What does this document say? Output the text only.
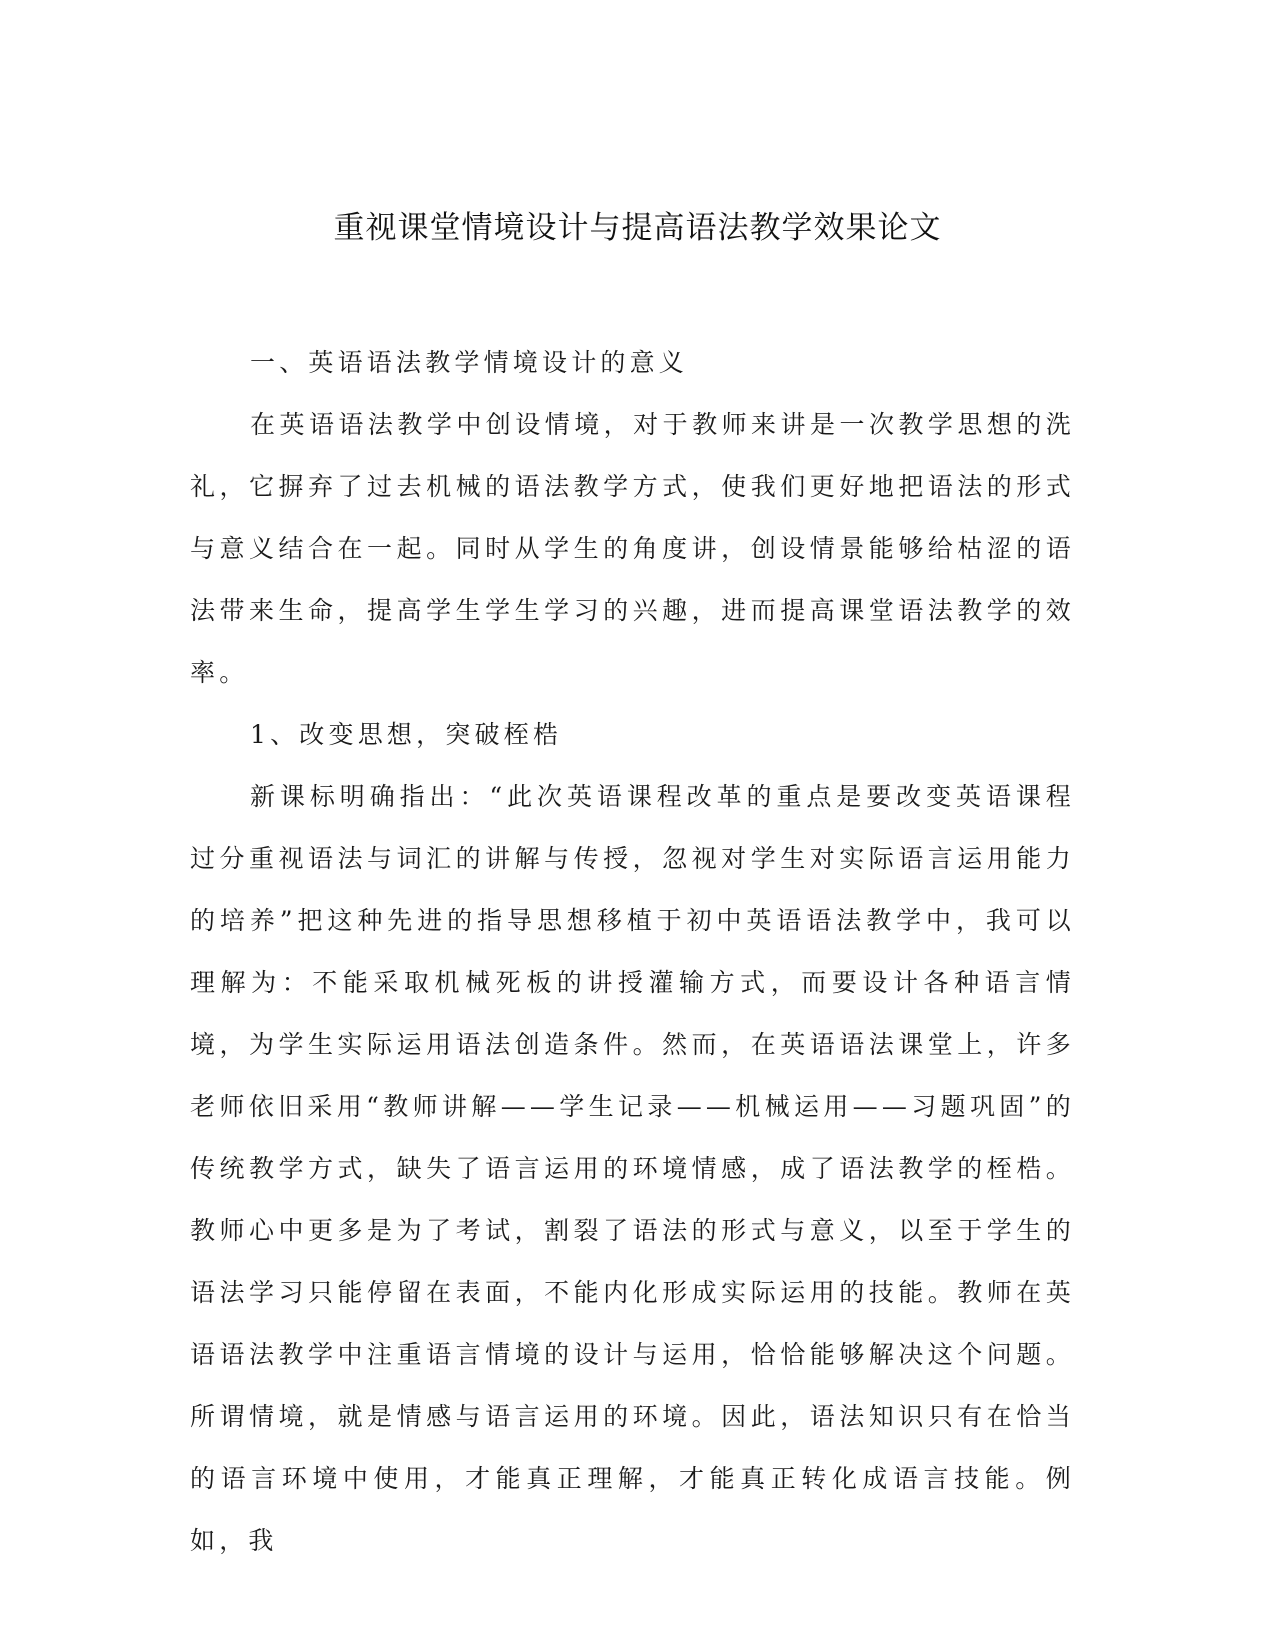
重视课堂情境设计与提高语法教学效果论文

一、英语语法教学情境设计的意义

在英语语法教学中创设情境，对于教师来讲是一次教学思想的洗礼，它摒弃了过去机械的语法教学方式，使我们更好地把语法的形式与意义结合在一起。同时从学生的角度讲，创设情景能够给枯涩的语法带来生命，提高学生学生学习的兴趣，进而提高课堂语法教学的效率。

1、改变思想，突破桎梏

新课标明确指出：“此次英语课程改革的重点是要改变英语课程过分重视语法与词汇的讲解与传授，忽视对学生对实际语言运用能力的培养”把这种先进的指导思想移植于初中英语语法教学中，我可以理解为：不能采取机械死板的讲授灌输方式，而要设计各种语言情境，为学生实际运用语法创造条件。然而，在英语语法课堂上，许多老师依旧采用“教师讲解——学生记录——机械运用——习题巩固”的传统教学方式，缺失了语言运用的环境情感，成了语法教学的桎梏。教师心中更多是为了考试，割裂了语法的形式与意义，以至于学生的语法学习只能停留在表面，不能内化形成实际运用的技能。教师在英语语法教学中注重语言情境的设计与运用，恰恰能够解决这个问题。所谓情境，就是情感与语言运用的环境。因此，语法知识只有在恰当的语言环境中使用，才能真正理解，才能真正转化成语言技能。例如，我
